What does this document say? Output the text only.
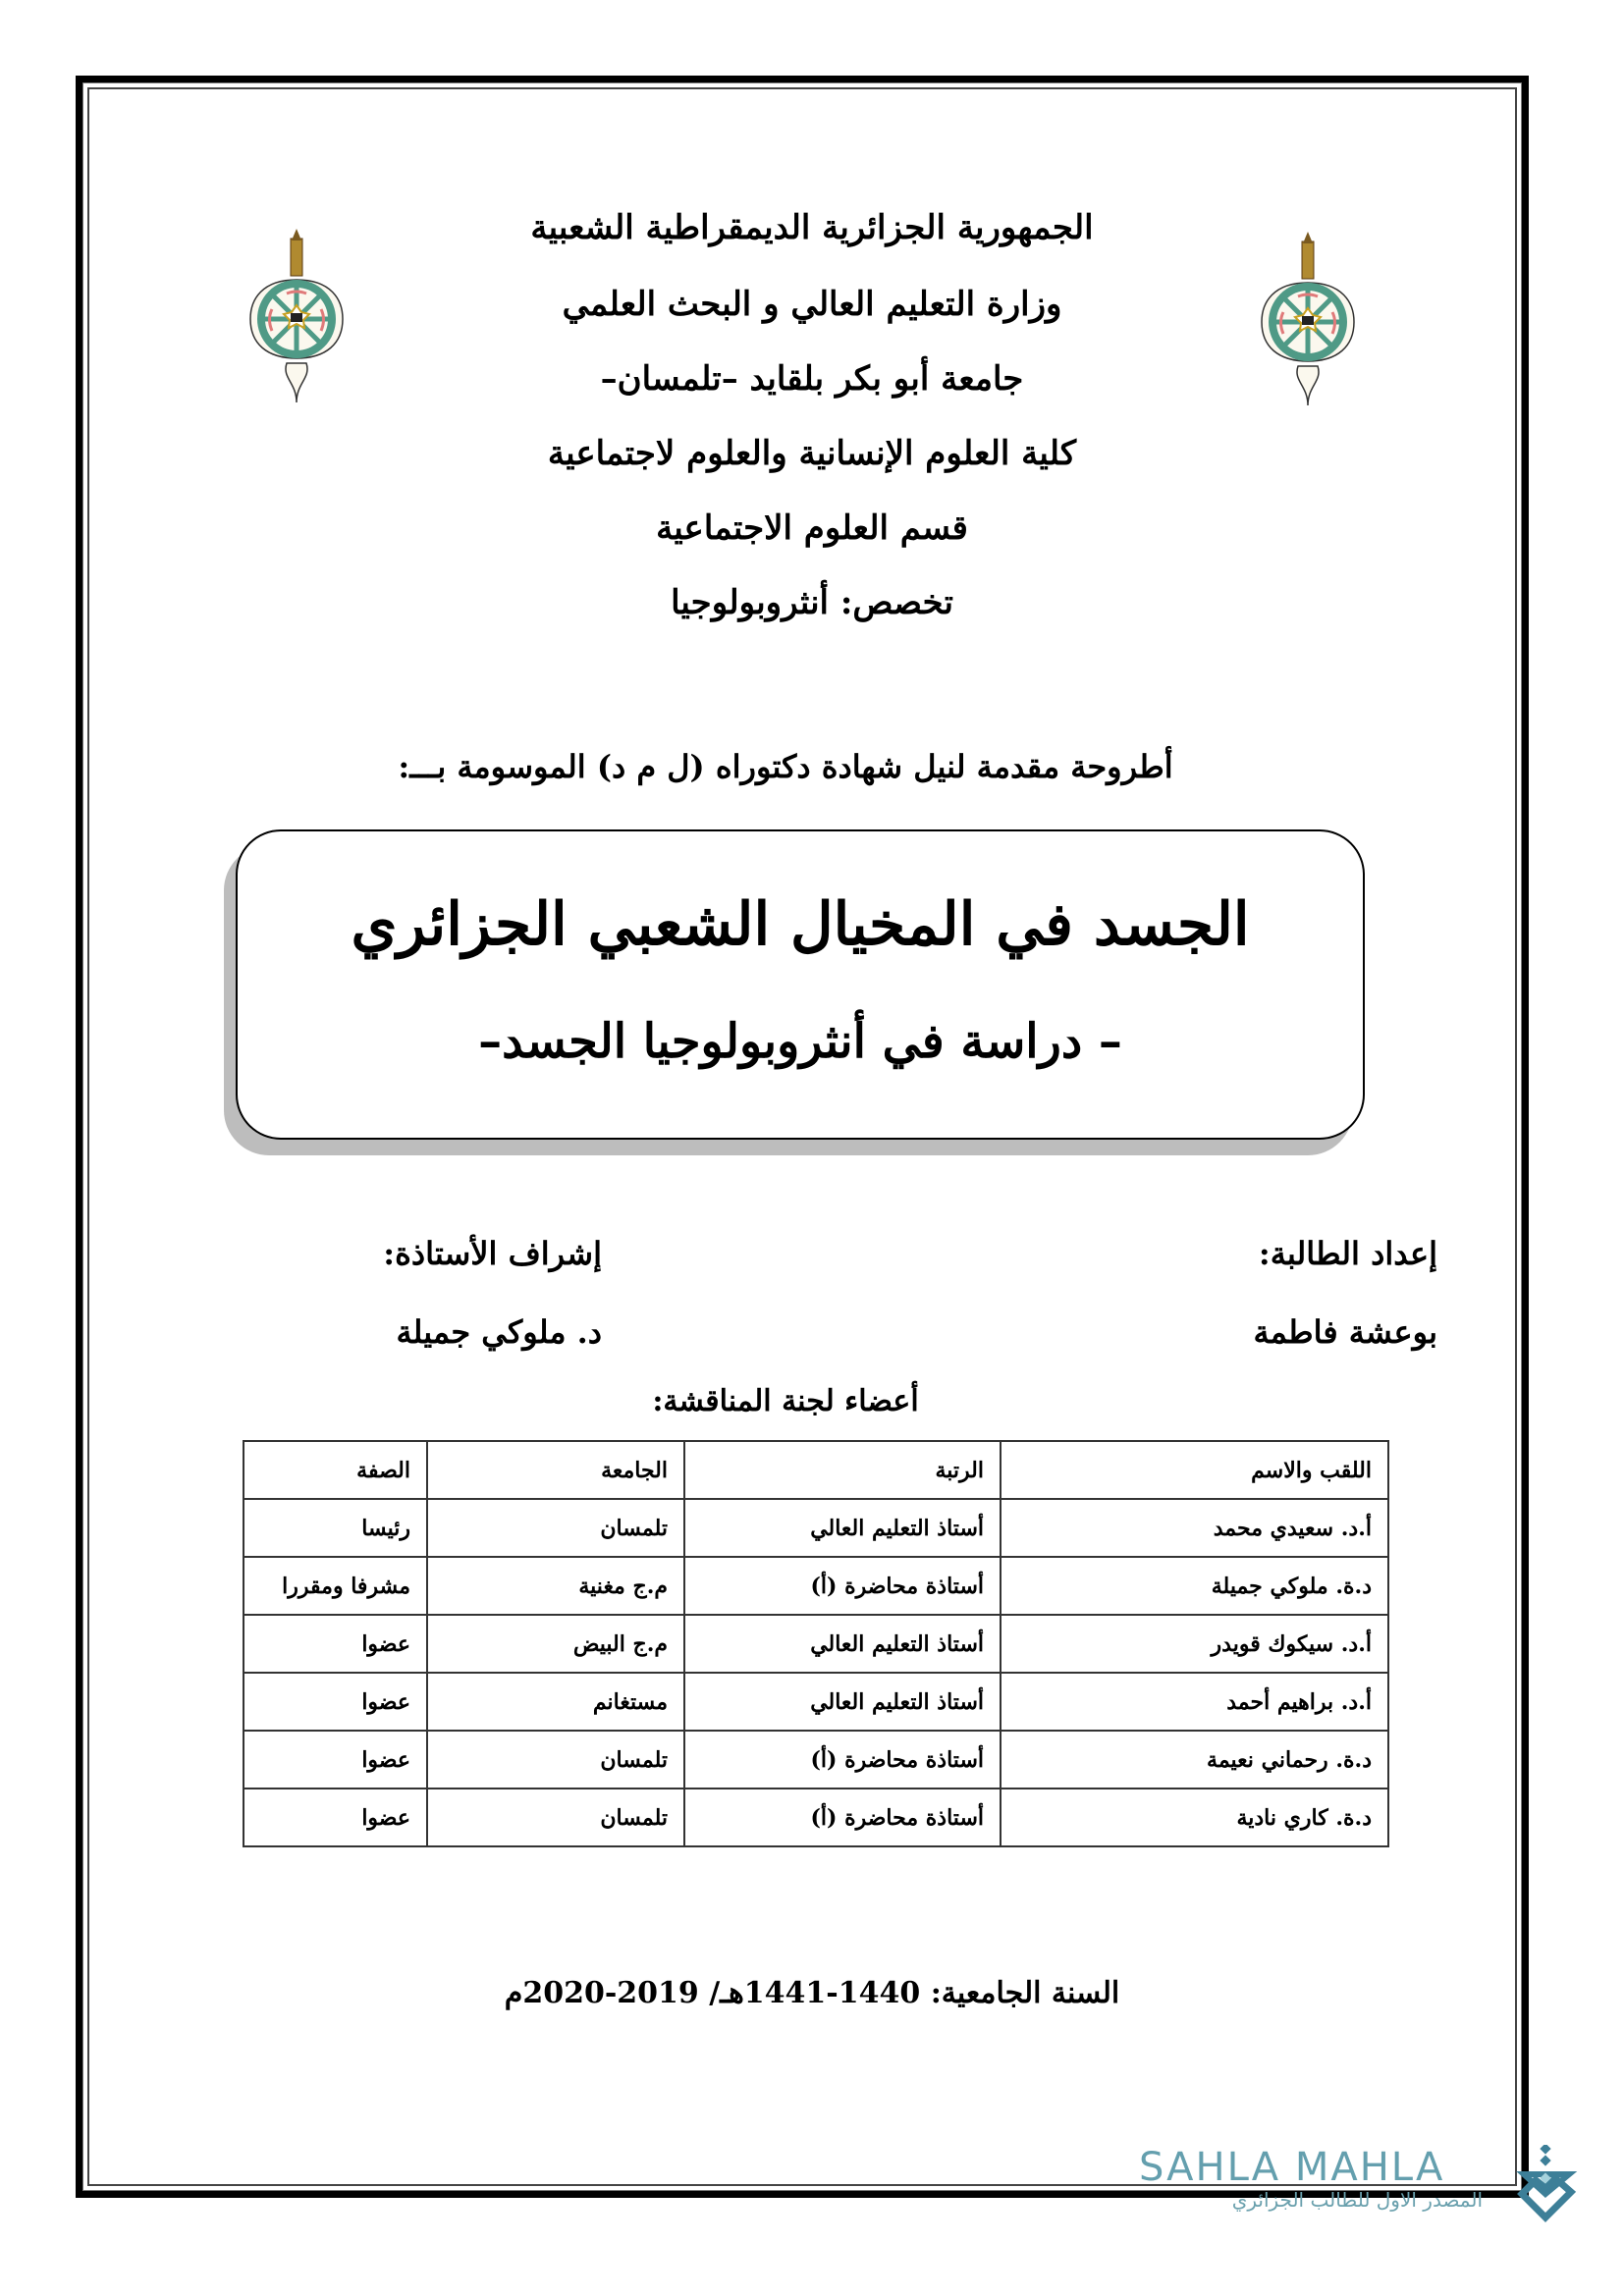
الجمهورية الجزائرية الديمقراطية الشعبية
وزارة التعليم العالي و البحث العلمي
جامعة أبو بكر بلقايد –تلمسان–
كلية العلوم الإنسانية والعلوم لاجتماعية
قسم العلوم الاجتماعية
تخصص: أنثروبولوجيا
أطروحة مقدمة لنيل شهادة دكتوراه (ل م د) الموسومة بـــ:
الجسد في المخيال الشعبي الجزائري
– دراسة في أنثروبولوجيا الجسد–
إعداد الطالبة:
إشراف الأستاذة:
بوعشة فاطمة
د. ملوكي جميلة
أعضاء لجنة المناقشة:
اللقب والاسم	الرتبة	الجامعة	الصفة
أ.د. سعيدي محمد	أستاذ التعليم العالي	تلمسان	رئيسا
د.ة. ملوكي جميلة	أستاذة محاضرة (أ)	م.ج مغنية	مشرفا ومقررا
أ.د. سيكوك قويدر	أستاذ التعليم العالي	م.ج البيض	عضوا
أ.د. براهيم أحمد	أستاذ التعليم العالي	مستغانم	عضوا
د.ة. رحماني نعيمة	أستاذة محاضرة (أ)	تلمسان	عضوا
د.ة. كاري نادية	أستاذة محاضرة (أ)	تلمسان	عضوا
السنة الجامعية: 1440-1441هـ/ 2019-2020م
SAHLA MAHLA
المصدر الاول للطالب الجزائري
